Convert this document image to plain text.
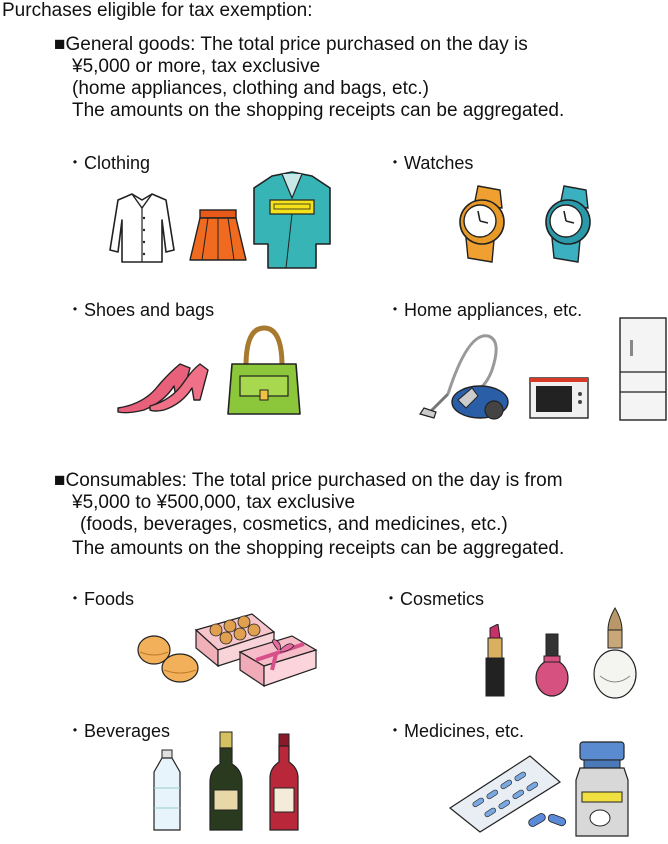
Purchases eligible for tax exemption:
■General goods: The total price purchased on the day is
¥5,000 or more, tax exclusive
(home appliances, clothing and bags, etc.)
The amounts on the shopping receipts can be aggregated.
・Clothing	・Watches
・Shoes and bags	・Home appliances, etc.
■Consumables: The total price purchased on the day is from
¥5,000 to ¥500,000, tax exclusive
(foods, beverages, cosmetics, and medicines, etc.)
The amounts on the shopping receipts can be aggregated.
・Foods	・Cosmetics
・Beverages	・Medicines, etc.
